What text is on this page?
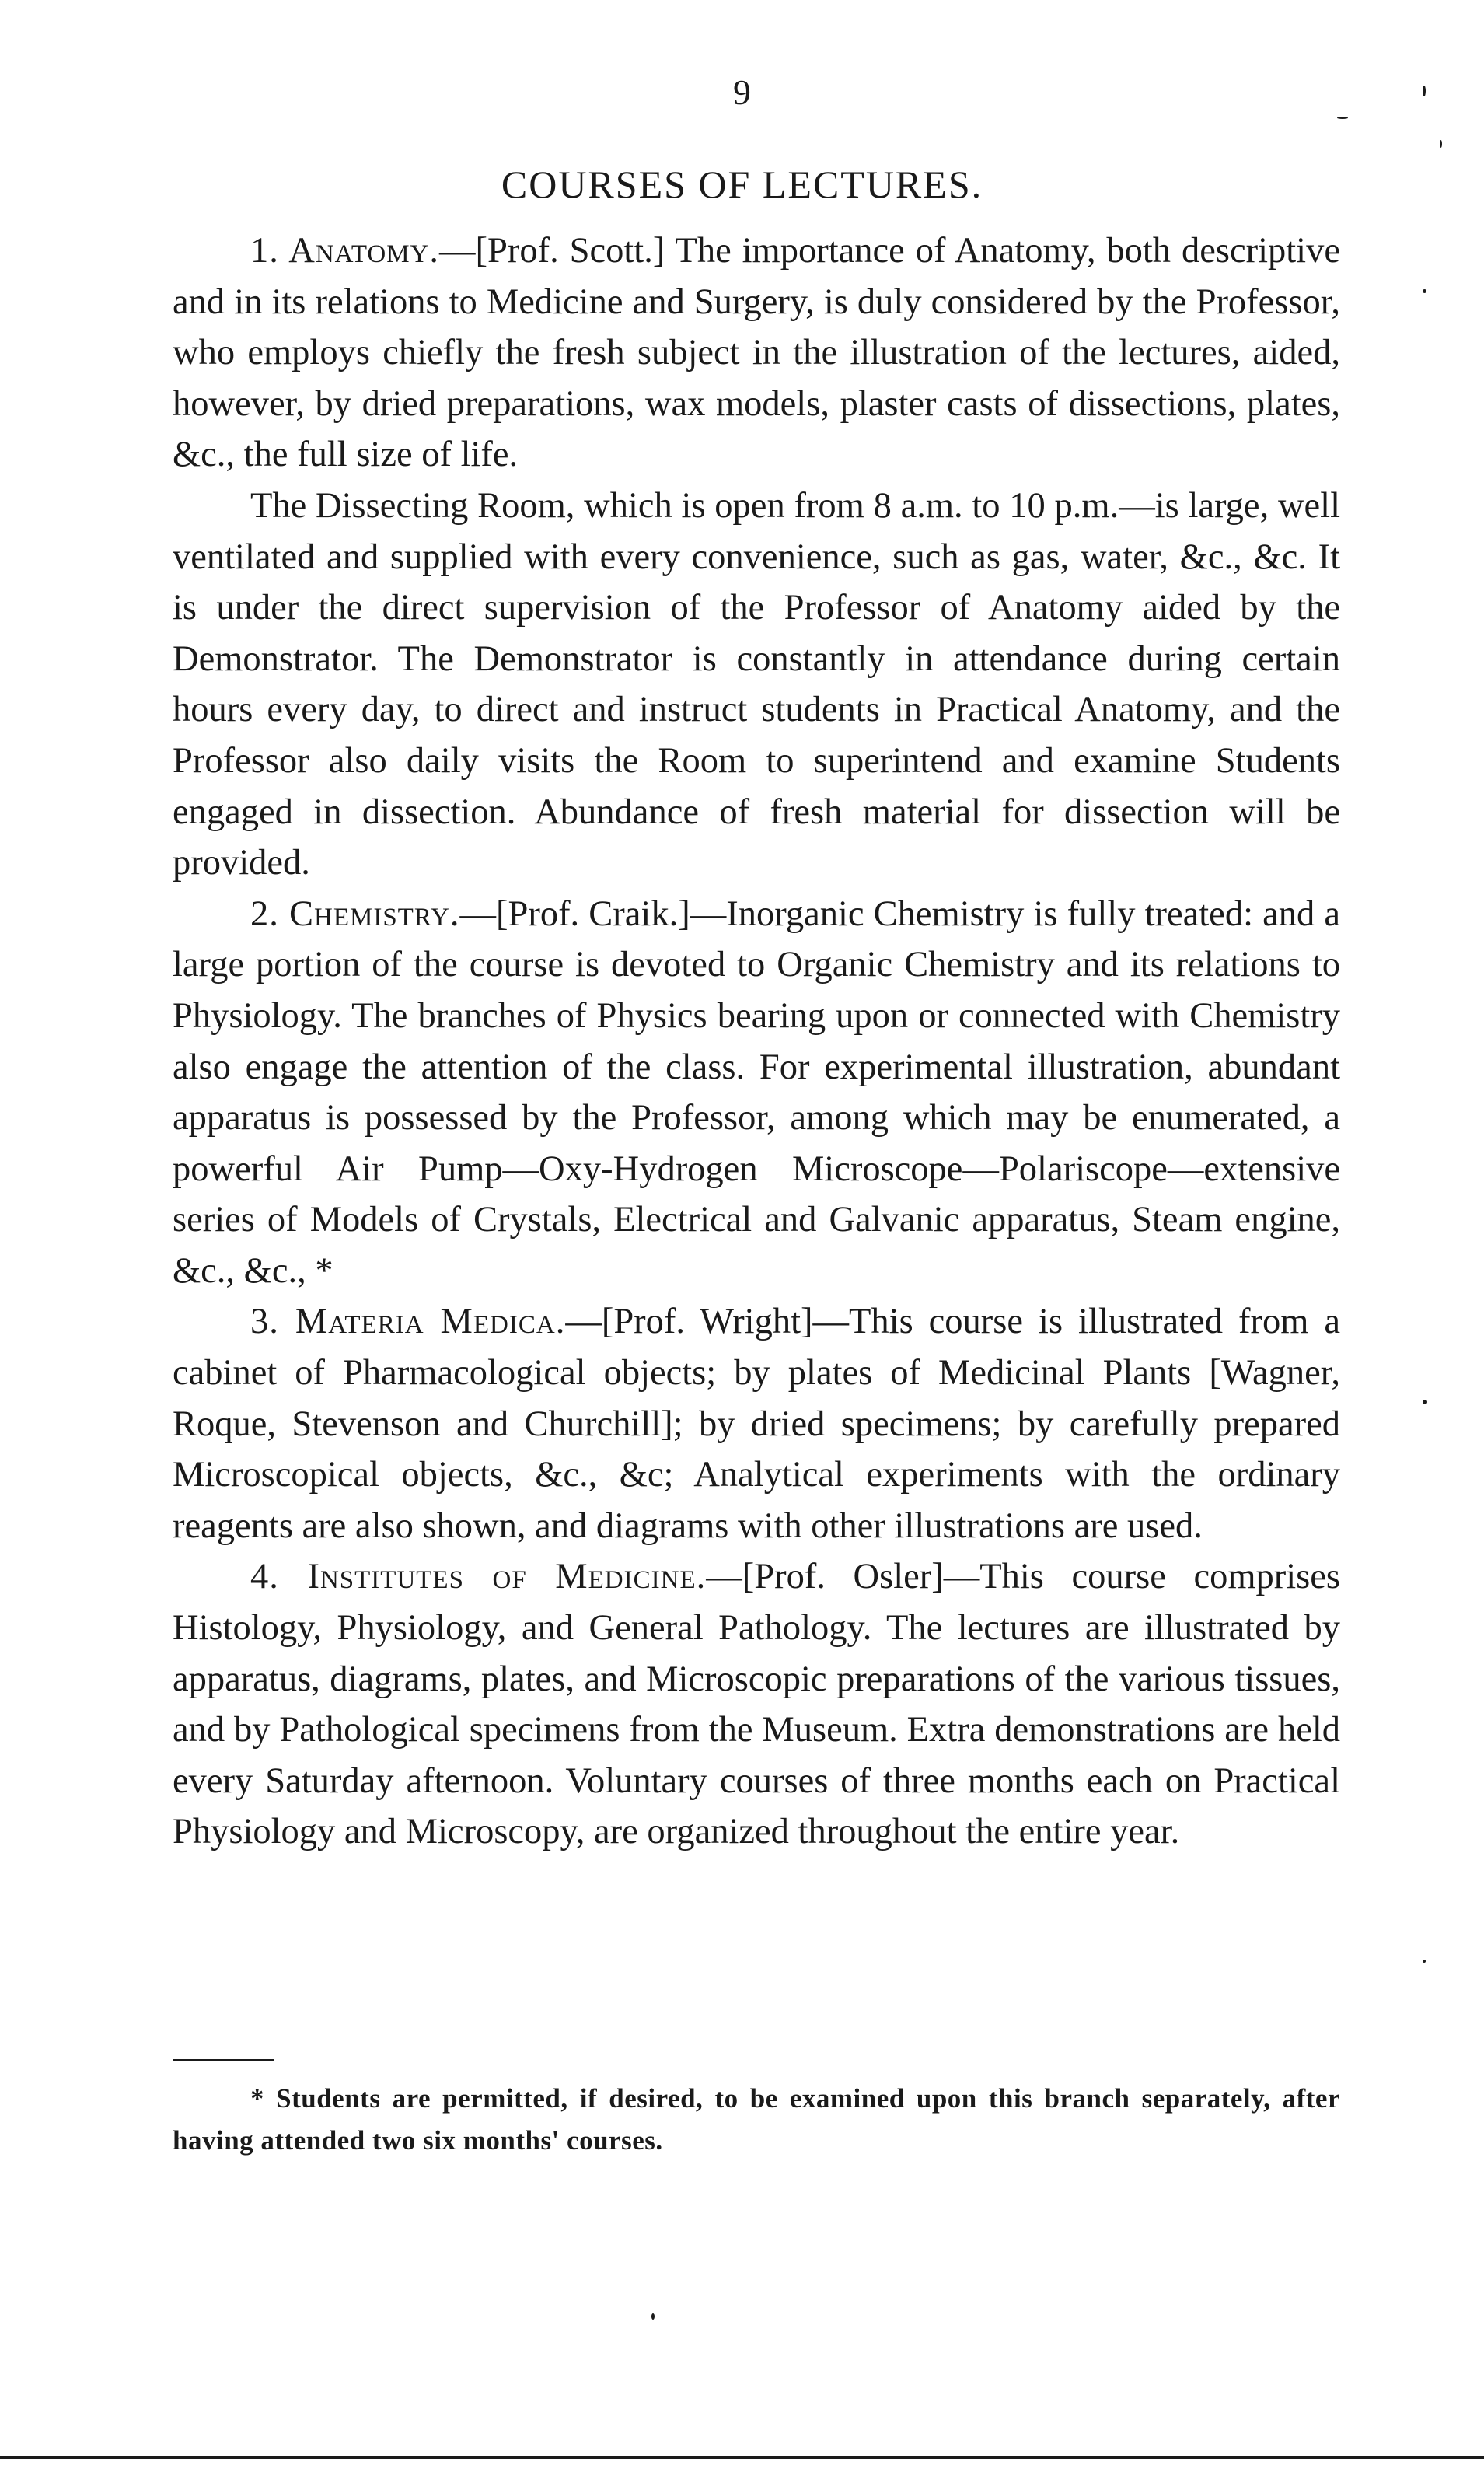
9
COURSES OF LECTURES.

1. Anatomy.—[Prof. Scott.] The importance of Anatomy, both descriptive and in its relations to Medicine and Surgery, is duly considered by the Professor, who employs chiefly the fresh subject in the illustration of the lectures, aided, however, by dried preparations, wax models, plaster casts of dissections, plates, &c., the full size of life.

The Dissecting Room, which is open from 8 a.m. to 10 p.m.—is large, well ventilated and supplied with every convenience, such as gas, water, &c., &c. It is under the direct supervision of the Professor of Anatomy aided by the Demonstrator. The Demonstrator is constantly in attendance during certain hours every day, to direct and instruct students in Practical Anatomy, and the Professor also daily visits the Room to superintend and examine Students engaged in dissection. Abundance of fresh material for dissection will be provided.

2. Chemistry.—[Prof. Craik.]—Inorganic Chemistry is fully treated: and a large portion of the course is devoted to Organic Chemistry and its relations to Physiology. The branches of Physics bearing upon or connected with Chemistry also engage the attention of the class. For experimental illustration, abundant apparatus is possessed by the Professor, among which may be enumerated, a powerful Air Pump—Oxy-Hydrogen Microscope—Polariscope—extensive series of Models of Crystals, Electrical and Galvanic apparatus, Steam engine, &c., &c., *

3. Materia Medica.—[Prof. Wright]—This course is illustrated from a cabinet of Pharmacological objects; by plates of Medicinal Plants [Wagner, Roque, Stevenson and Churchill]; by dried specimens; by carefully prepared Microscopical objects, &c., &c; Analytical experiments with the ordinary reagents are also shown, and diagrams with other illustrations are used.

4. Institutes of Medicine.—[Prof. Osler]—This course comprises Histology, Physiology, and General Pathology. The lectures are illustrated by apparatus, diagrams, plates, and Microscopic preparations of the various tissues, and by Pathological specimens from the Museum. Extra demonstrations are held every Saturday afternoon. Voluntary courses of three months each on Practical Physiology and Microscopy, are organized throughout the entire year.

* Students are permitted, if desired, to be examined upon this branch separately, after having attended two six months' courses.
